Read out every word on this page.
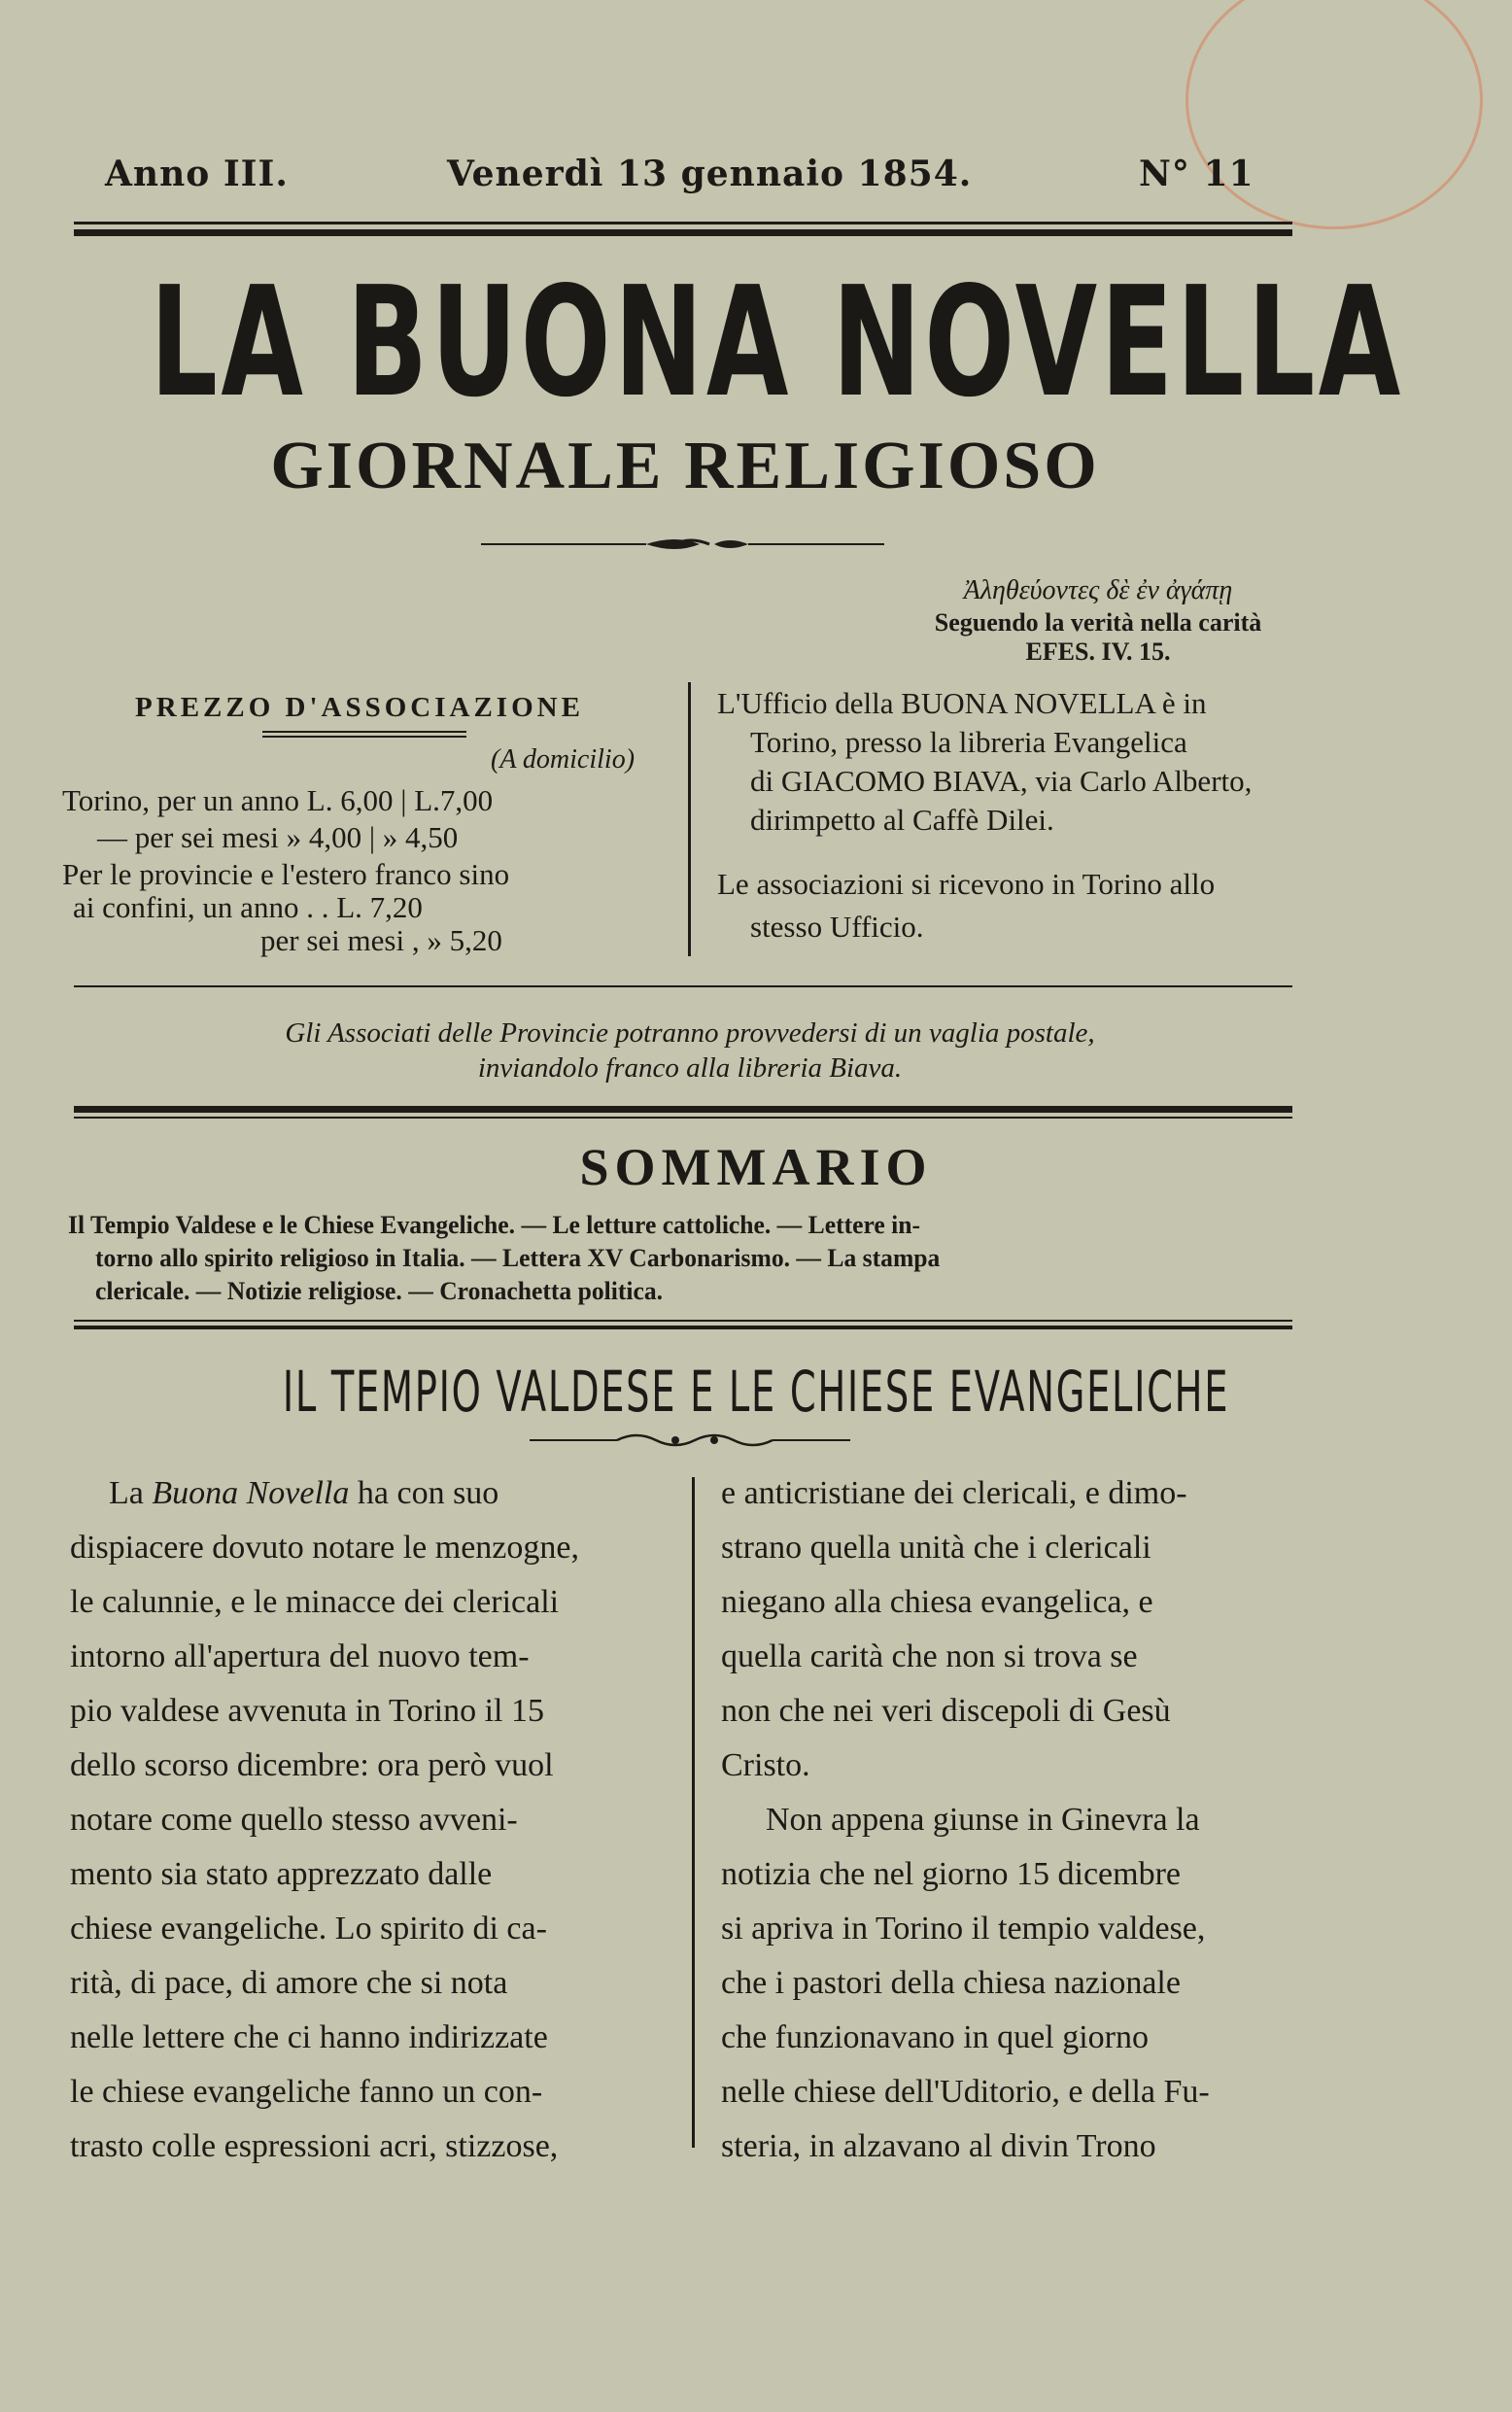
Anno III.	Venerdì 13 gennaio 1854.	N° 11
LA BUONA NOVELLA
GIORNALE RELIGIOSO
Ἀληθεύοντες δὲ ἐν ἀγάπῃ
Seguendo la verità nella carità
EFES. IV. 15.
PREZZO D'ASSOCIAZIONE
(A domicilio)
Torino, per un anno L. 6,00 | L.7,00
— per sei mesi » 4,00 | » 4,50
Per le provincie e l'estero franco sino
ai confini, un anno . . L. 7,20
per sei mesi , » 5,20
L'Ufficio della BUONA NOVELLA è in
Torino, presso la libreria Evangelica
di GIACOMO BIAVA, via Carlo Alberto,
dirimpetto al Caffè Dilei.
Le associazioni si ricevono in Torino allo
stesso Ufficio.
Gli Associati delle Provincie potranno provvedersi di un vaglia postale,
inviandolo franco alla libreria Biava.
SOMMARIO
Il Tempio Valdese e le Chiese Evangeliche. — Le letture cattoliche. — Lettere in-
torno allo spirito religioso in Italia. — Lettera XV Carbonarismo. — La stampa
clericale. — Notizie religiose. — Cronachetta politica.
IL TEMPIO VALDESE E LE CHIESE EVANGELICHE
La Buona Novella ha con suo
dispiacere dovuto notare le menzogne,
le calunnie, e le minacce dei clericali
intorno all'apertura del nuovo tem-
pio valdese avvenuta in Torino il 15
dello scorso dicembre: ora però vuol
notare come quello stesso avveni-
mento sia stato apprezzato dalle
chiese evangeliche. Lo spirito di ca-
rità, di pace, di amore che si nota
nelle lettere che ci hanno indirizzate
le chiese evangeliche fanno un con-
trasto colle espressioni acri, stizzose,
e anticristiane dei clericali, e dimo-
strano quella unità che i clericali
niegano alla chiesa evangelica, e
quella carità che non si trova se
non che nei veri discepoli di Gesù
Cristo.
Non appena giunse in Ginevra la
notizia che nel giorno 15 dicembre
si apriva in Torino il tempio valdese,
che i pastori della chiesa nazionale
che funzionavano in quel giorno
nelle chiese dell'Uditorio, e della Fu-
steria, in alzavano al divin Trono
